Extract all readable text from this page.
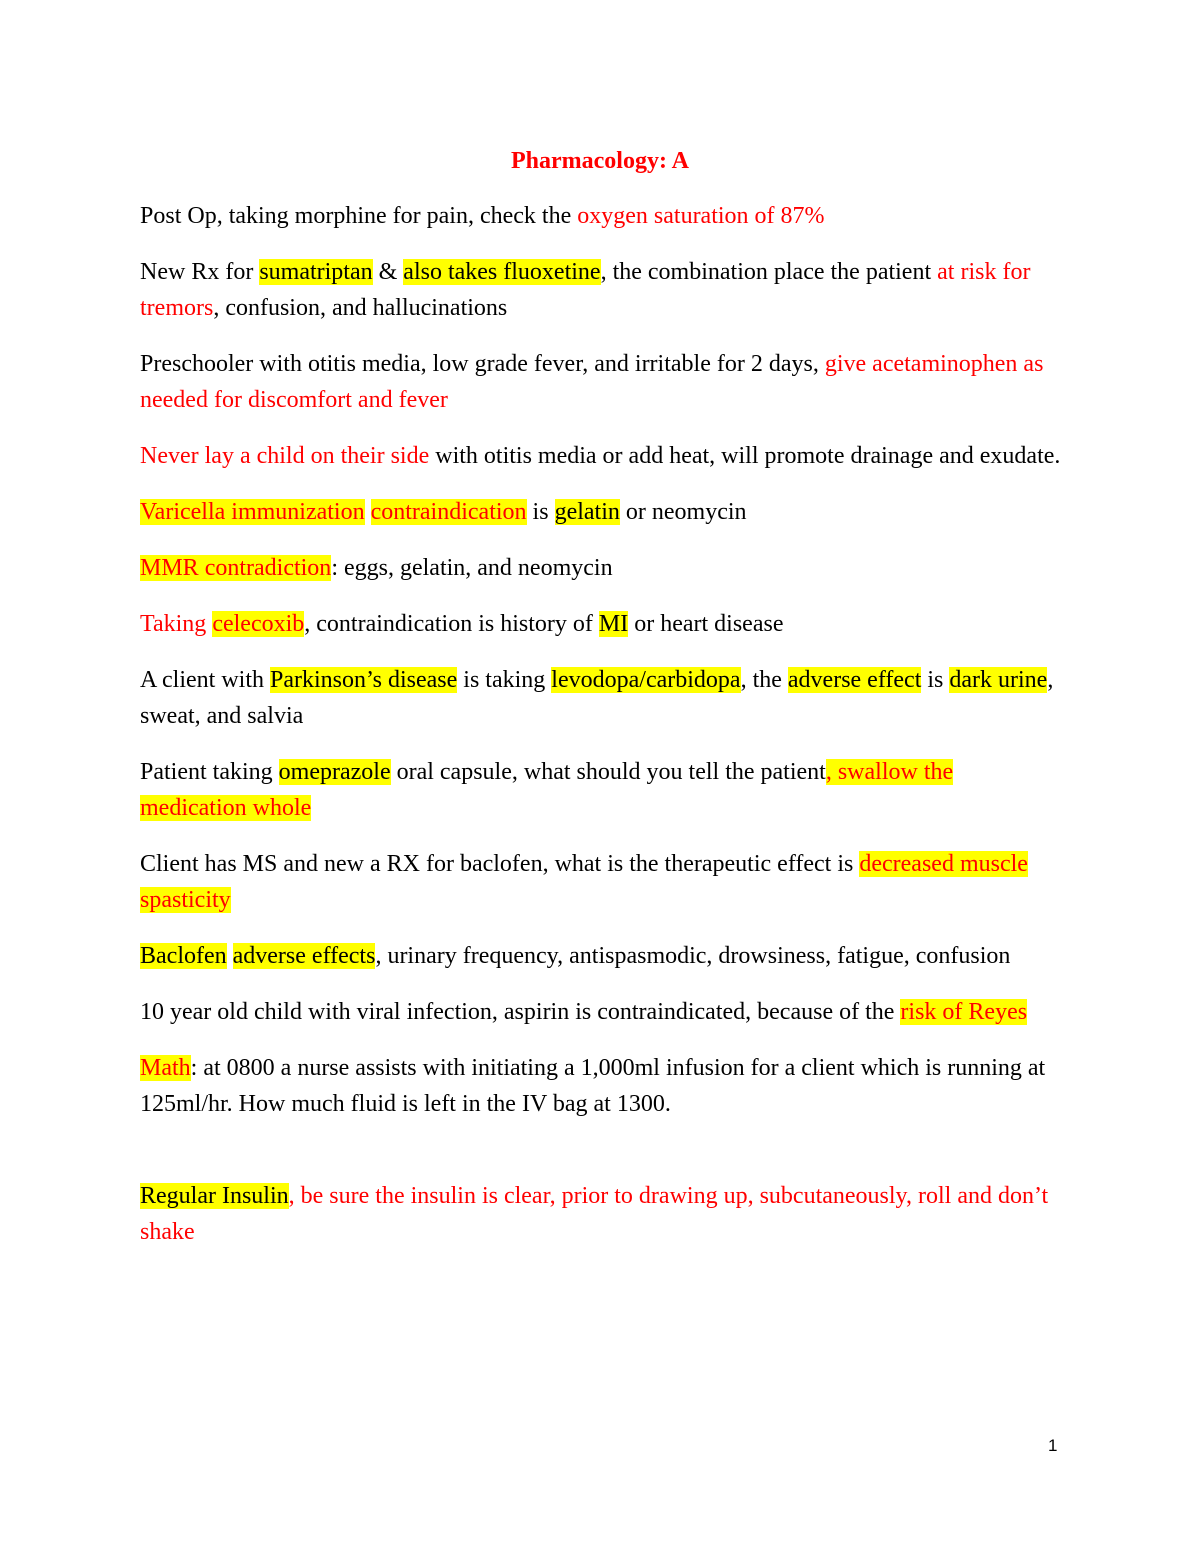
Pharmacology: A

Post Op, taking morphine for pain, check the oxygen saturation of 87%

New Rx for sumatriptan & also takes fluoxetine, the combination place the patient at risk for tremors, confusion, and hallucinations

Preschooler with otitis media, low grade fever, and irritable for 2 days, give acetaminophen as needed for discomfort and fever

Never lay a child on their side with otitis media or add heat, will promote drainage and exudate.

Varicella immunization contraindication is gelatin or neomycin

MMR contradiction: eggs, gelatin, and neomycin

Taking celecoxib, contraindication is history of MI or heart disease

A client with Parkinson’s disease is taking levodopa/carbidopa, the adverse effect is dark urine, sweat, and salvia

Patient taking omeprazole oral capsule, what should you tell the patient, swallow the medication whole

Client has MS and new a RX for baclofen, what is the therapeutic effect is decreased muscle spasticity

Baclofen adverse effects, urinary frequency, antispasmodic, drowsiness, fatigue, confusion

10 year old child with viral infection, aspirin is contraindicated, because of the risk of Reyes

Math: at 0800 a nurse assists with initiating a 1,000ml infusion for a client which is running at 125ml/hr. How much fluid is left in the IV bag at 1300.

Regular Insulin, be sure the insulin is clear, prior to drawing up, subcutaneously, roll and don’t shake

1
